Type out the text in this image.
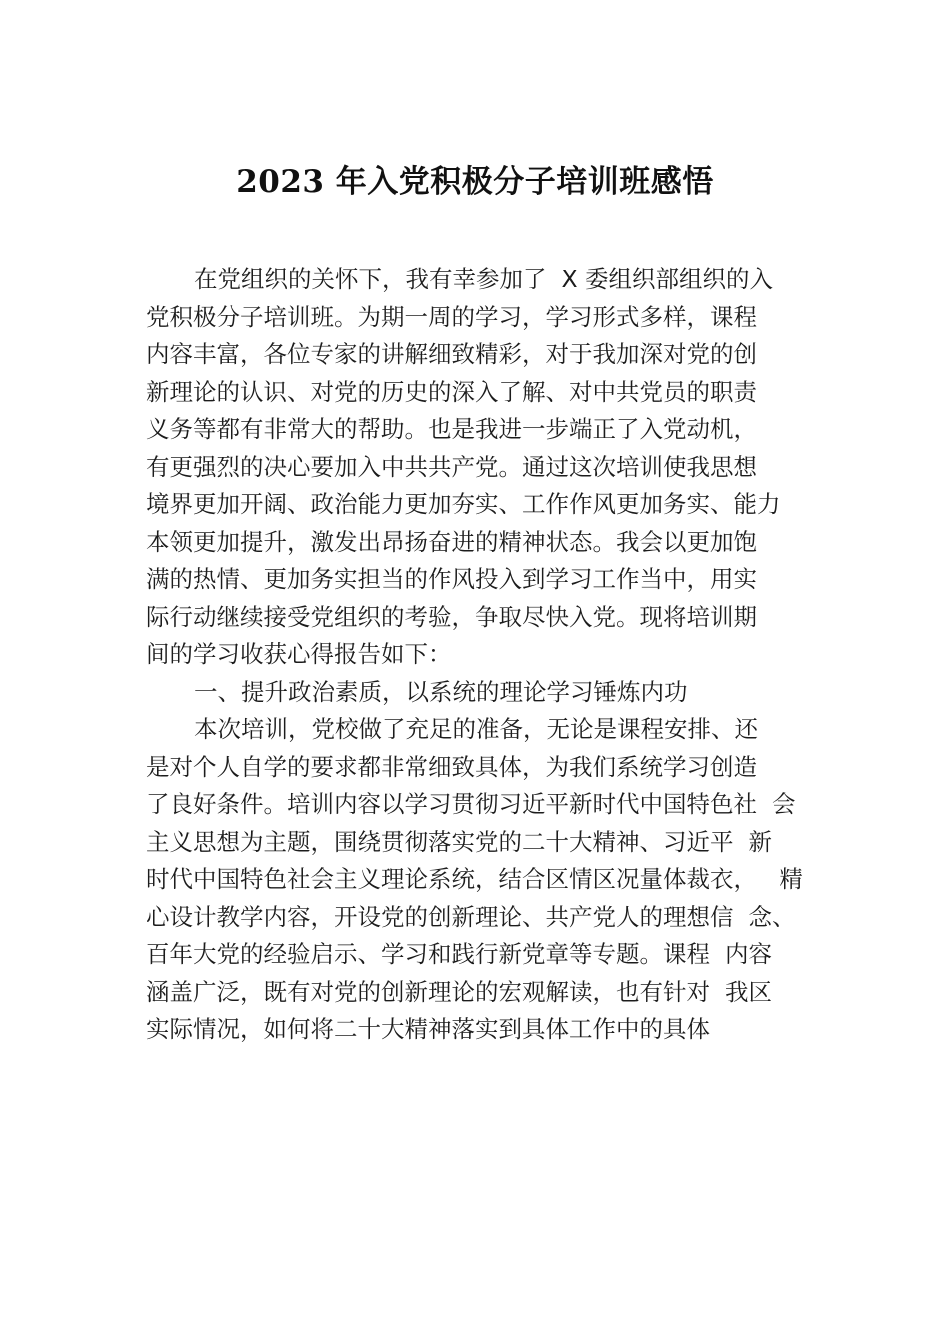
2023 年入党积极分子培训班感悟
在党组织的关怀下，我有幸参加了  X 委组织部组织的入
党积极分子培训班。为期一周的学习，学习形式多样，课程
内容丰富，各位专家的讲解细致精彩，对于我加深对党的创
新理论的认识、对党的历史的深入了解、对中共党员的职责
义务等都有非常大的帮助。也是我进一步端正了入党动机，
有更强烈的决心要加入中共共产党。通过这次培训使我思想
境界更加开阔、政治能力更加夯实、工作作风更加务实、能力
本领更加提升，激发出昂扬奋进的精神状态。我会以更加饱
满的热情、更加务实担当的作风投入到学习工作当中，用实
际行动继续接受党组织的考验，争取尽快入党。现将培训期
间的学习收获心得报告如下：
一、提升政治素质，以系统的理论学习锤炼内功
本次培训，党校做了充足的准备，无论是课程安排、还
是对个人自学的要求都非常细致具体，为我们系统学习创造
了良好条件。培训内容以学习贯彻习近平新时代中国特色社  会
主义思想为主题，围绕贯彻落实党的二十大精神、习近平  新
时代中国特色社会主义理论系统，结合区情区况量体裁衣，   精
心设计教学内容，开设党的创新理论、共产党人的理想信  念、
百年大党的经验启示、学习和践行新党章等专题。课程  内容
涵盖广泛，既有对党的创新理论的宏观解读，也有针对  我区
实际情况，如何将二十大精神落实到具体工作中的具体
